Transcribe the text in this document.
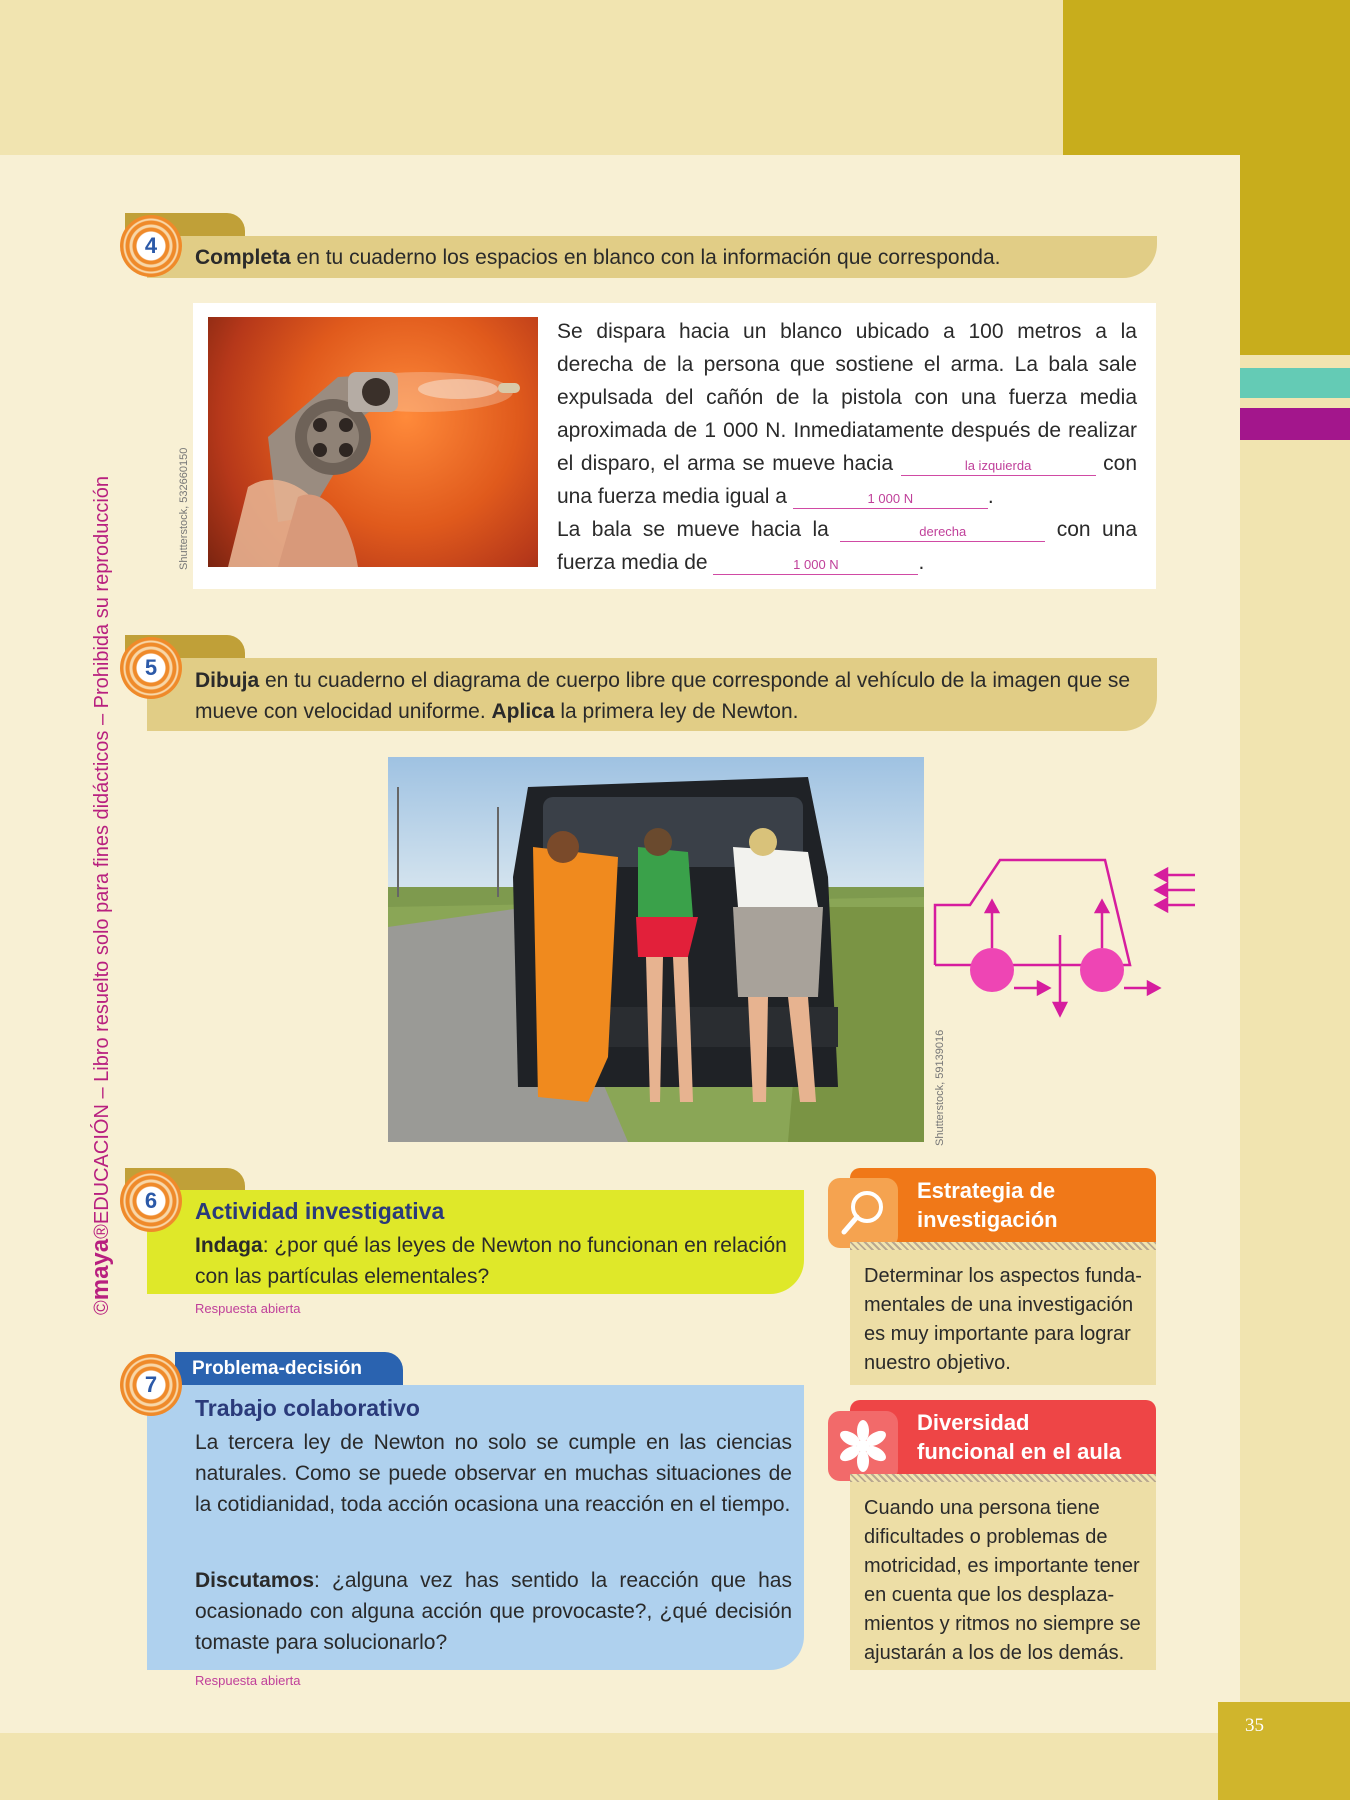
35
©maya®EDUCACIÓN – Libro resuelto solo para fines didácticos – Prohibida su reproducción
4	Completa en tu cuaderno los espacios en blanco con la información que corresponda.
Shutterstock, 532660150
Se dispara hacia un blanco ubicado a 100 metros a la derecha de la persona que sostiene el arma. La bala sale expulsada del cañón de la pistola con una fuerza media aproximada de 1 000 N. Inmediatamente después de realizar el disparo, el arma se mueve hacia	la izquierda	con una fuerza media igual a	1 000 N	.
La bala se mueve hacia la	derecha	con una fuerza media de	1 000 N	.
5
Dibuja en tu cuaderno el diagrama de cuerpo libre que corresponde al vehículo de la imagen que se mueve con velocidad uniforme. Aplica la primera ley de Newton.
Shutterstock, 59139016
6	Actividad investigativa
Indaga: ¿por qué las leyes de Newton no funcionan en relación con las partículas elementales?
Respuesta abierta
Problema-decisión
7
Trabajo colaborativo
La tercera ley de Newton no solo se cumple en las ciencias naturales. Como se puede observar en muchas situaciones de la cotidianidad, toda acción ocasiona una reacción en el tiempo.
Discutamos: ¿alguna vez has sentido la reacción que has ocasionado con alguna acción que provocaste?, ¿qué decisión tomaste para solucionarlo?
Respuesta abierta
Estrategia de
investigación
Determinar los aspectos fundamentales de una investigación es muy importante para lograr nuestro objetivo.
Diversidad
funcional en el aula
Cuando una persona tiene dificultades o problemas de motricidad, es importante tener en cuenta que los desplazamientos y ritmos no siempre se ajustarán a los de los demás.
